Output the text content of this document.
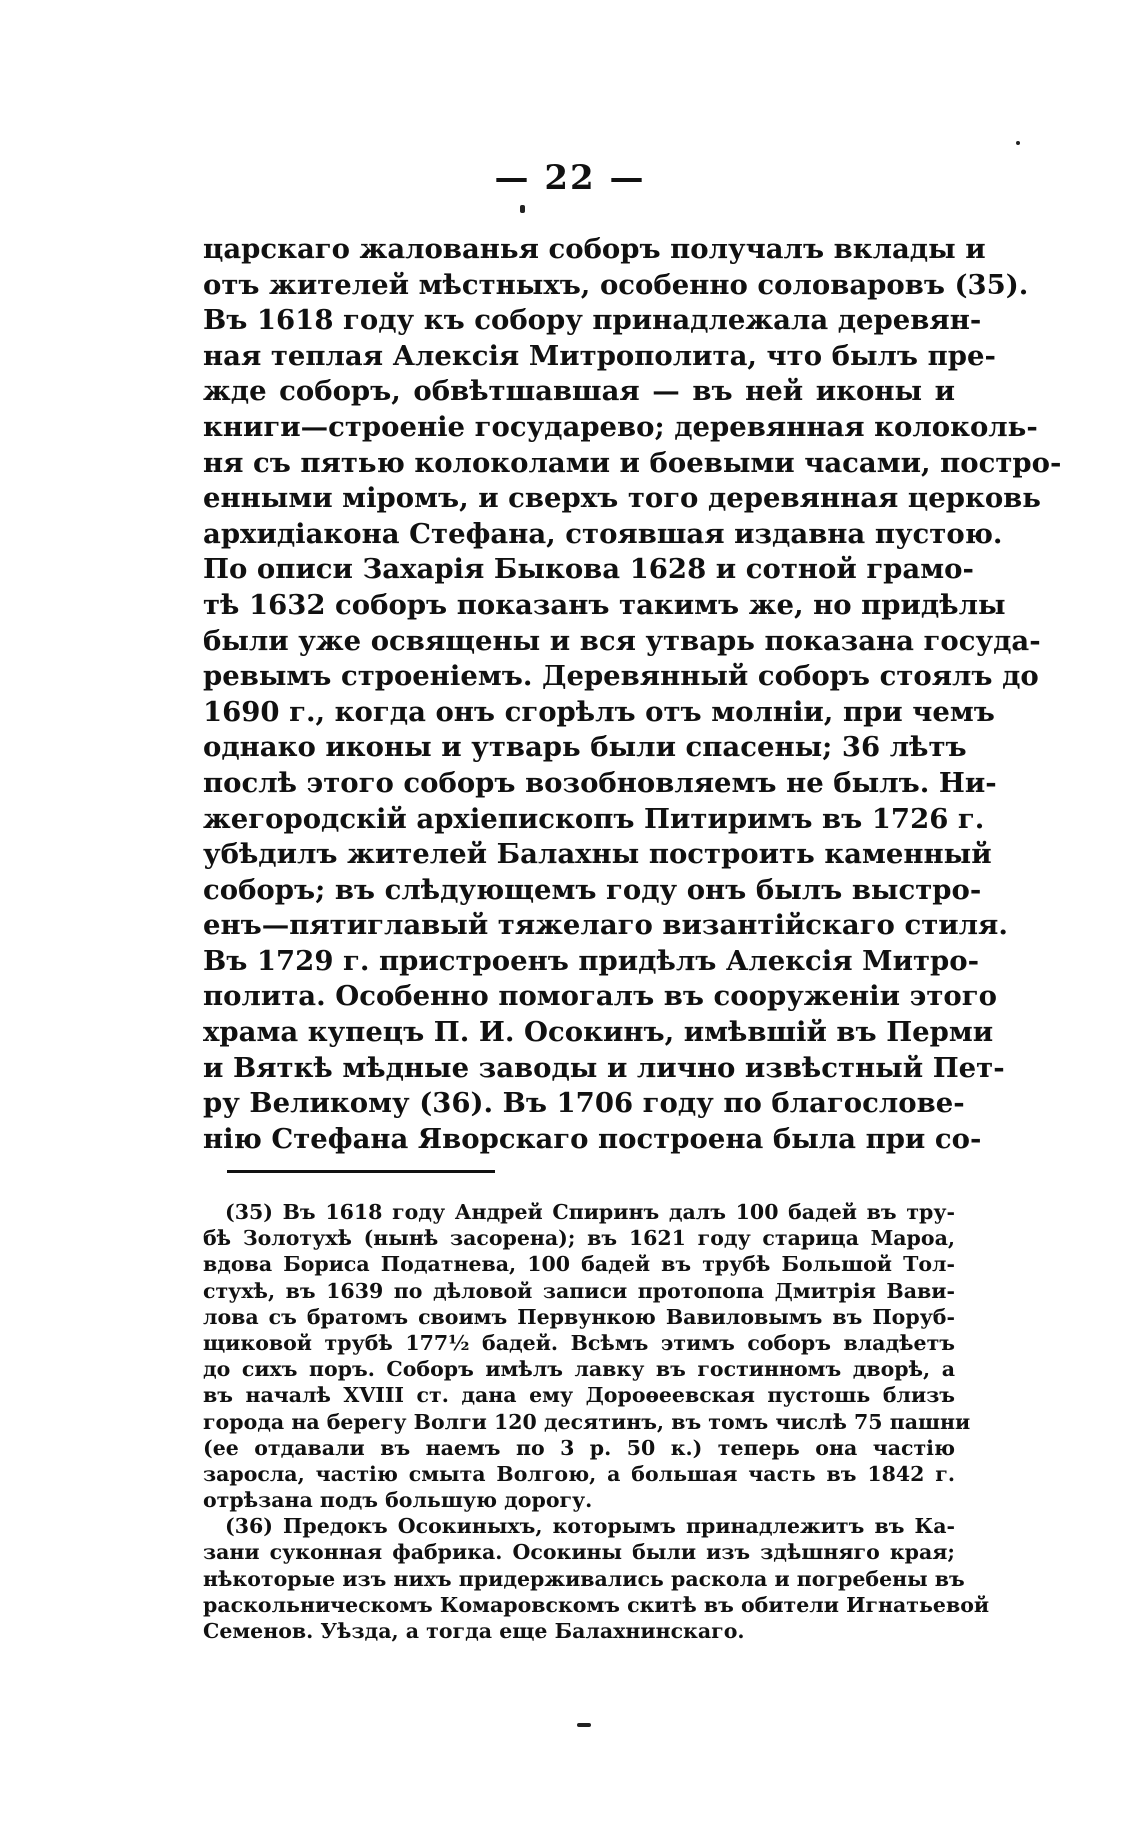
— 22 —
царскаго жалованья соборъ получалъ вклады и
отъ жителей мѣстныхъ, особенно соловаровъ (35).
Въ 1618 году къ собору принадлежала деревян-
ная теплая Алексія Митрополита, что былъ пре-
жде соборъ, обвѣтшавшая — въ ней иконы и
книги—строеніе государево; деревянная колоколь-
ня съ пятью колоколами и боевыми часами, постро-
енными міромъ, и сверхъ того деревянная церковь
архидіакона Стефана, стоявшая издавна пустою.
По описи Захарія Быкова 1628 и сотной грамо-
тѣ 1632 соборъ показанъ такимъ же, но придѣлы
были уже освящены и вся утварь показана госуда-
ревымъ строеніемъ. Деревянный соборъ стоялъ до
1690 г., когда онъ сгорѣлъ отъ молніи, при чемъ
однако иконы и утварь были спасены; 36 лѣтъ
послѣ этого соборъ возобновляемъ не былъ. Ни-
жегородскій архіепископъ Питиримъ въ 1726 г.
убѣдилъ жителей Балахны построить каменный
соборъ; въ слѣдующемъ году онъ былъ выстро-
енъ—пятиглавый тяжелаго византійскаго стиля.
Въ 1729 г. пристроенъ придѣлъ Алексія Митро-
полита. Особенно помогалъ въ сооруженіи этого
храма купецъ П. И. Осокинъ, имѣвшій въ Перми
и Вяткѣ мѣдные заводы и лично извѣстный Пет-
ру Великому (36). Въ 1706 году по благослове-
нію Стефана Яворскаго построена была при со-
(35) Въ 1618 году Андрей Спиринъ далъ 100 бадей въ тру-
бѣ Золотухѣ (нынѣ засорена); въ 1621 году старица Мароа,
вдова Бориса Податнева, 100 бадей въ трубѣ Большой Тол-
стухѣ, въ 1639 по дѣловой записи протопопа Дмитрія Вави-
лова съ братомъ своимъ Первункою Вавиловымъ въ Поруб-
щиковой трубѣ 177½ бадей. Всѣмъ этимъ соборъ владѣетъ
до сихъ поръ. Соборъ имѣлъ лавку въ гостинномъ дворѣ, а
въ началѣ XVIII ст. дана ему Дороѳеевская пустошь близъ
города на берегу Волги 120 десятинъ, въ томъ числѣ 75 пашни
(ее отдавали въ наемъ по 3 р. 50 к.) теперь она частію
заросла, частію смыта Волгою, а большая часть въ 1842 г.
отрѣзана подъ большую дорогу.
(36) Предокъ Осокиныхъ, которымъ принадлежитъ въ Ка-
зани суконная фабрика. Осокины были изъ здѣшняго края;
нѣкоторые изъ нихъ придерживались раскола и погребены въ
раскольническомъ Комаровскомъ скитѣ въ обители Игнатьевой
Семенов. Уѣзда, а тогда еще Балахнинскаго.
